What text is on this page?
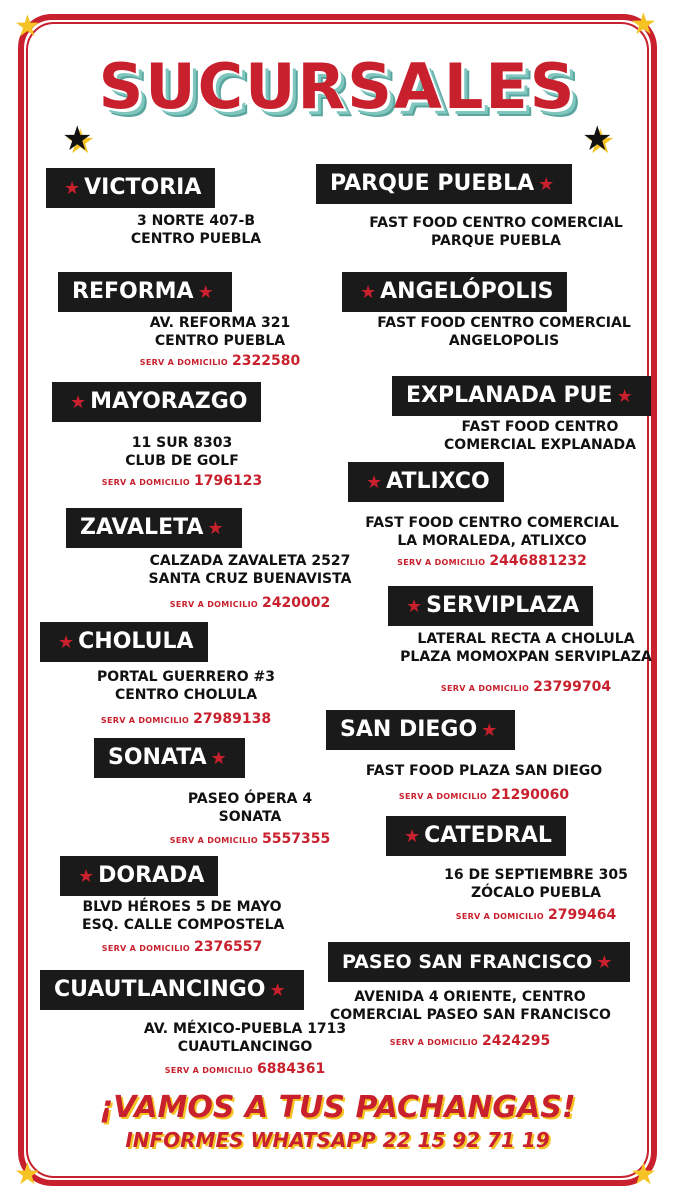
★	★
★	★
SUCURSALES
★	★
★ VICTORIA
3 NORTE 407-B
CENTRO PUEBLA
REFORMA ★
AV. REFORMA 321
CENTRO PUEBLA
SERV A DOMICILIO 2322580
★ MAYORAZGO
11 SUR 8303
CLUB DE GOLF
SERV A DOMICILIO 1796123
ZAVALETA ★
CALZADA ZAVALETA 2527
SANTA CRUZ BUENAVISTA
SERV A DOMICILIO 2420002
★ CHOLULA
PORTAL GUERRERO #3
CENTRO CHOLULA
SERV A DOMICILIO 27989138
SONATA ★
PASEO ÓPERA 4
SONATA
SERV A DOMICILIO 5557355
★ DORADA
BLVD HÉROES 5 DE MAYO
ESQ. CALLE COMPOSTELA
SERV A DOMICILIO 2376557
CUAUTLANCINGO ★
AV. MÉXICO-PUEBLA 1713
CUAUTLANCINGO
SERV A DOMICILIO 6884361
PARQUE PUEBLA ★
FAST FOOD CENTRO COMERCIAL
PARQUE PUEBLA
★ ANGELÓPOLIS
FAST FOOD CENTRO COMERCIAL
ANGELOPOLIS
EXPLANADA PUE ★
FAST FOOD CENTRO
COMERCIAL EXPLANADA
★ ATLIXCO
FAST FOOD CENTRO COMERCIAL
LA MORALEDA, ATLIXCO
SERV A DOMICILIO 2446881232
★ SERVIPLAZA
LATERAL RECTA A CHOLULA
PLAZA MOMOXPAN SERVIPLAZA
SERV A DOMICILIO 23799704
SAN DIEGO ★
FAST FOOD PLAZA SAN DIEGO
SERV A DOMICILIO 21290060
★ CATEDRAL
16 DE SEPTIEMBRE 305
ZÓCALO PUEBLA
SERV A DOMICILIO 2799464
PASEO SAN FRANCISCO ★
AVENIDA 4 ORIENTE, CENTRO
COMERCIAL PASEO SAN FRANCISCO
SERV A DOMICILIO 2424295
¡VAMOS A TUS PACHANGAS!
INFORMES WHATSAPP 22 15 92 71 19
